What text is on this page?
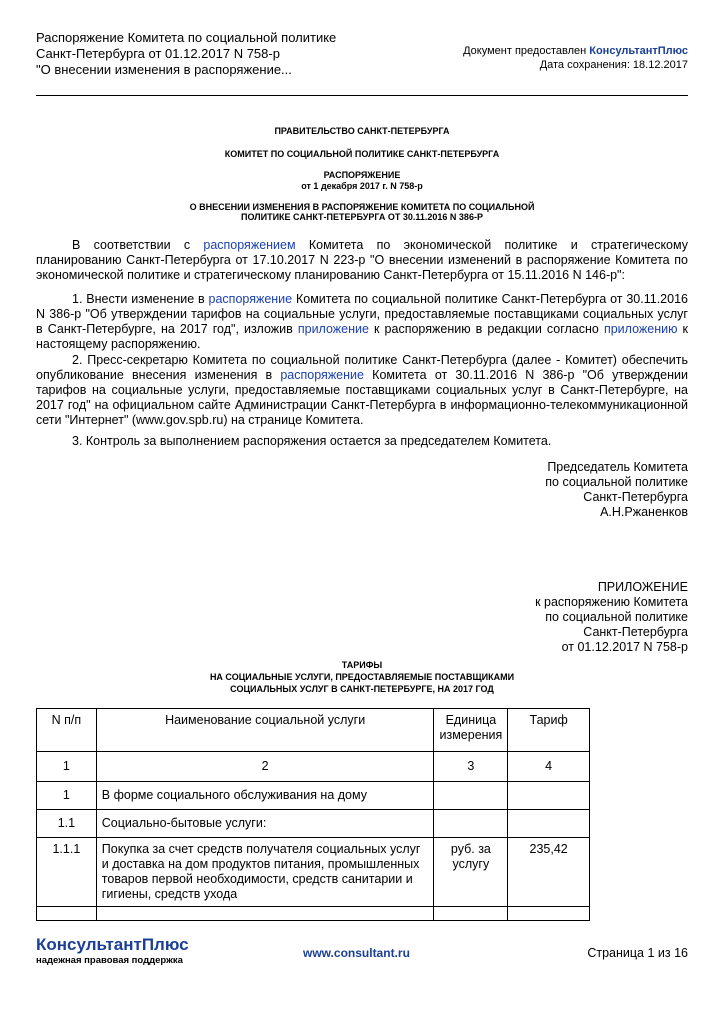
Распоряжение Комитета по социальной политике
Санкт-Петербурга от 01.12.2017 N 758-р
"О внесении изменения в распоряжение...
Документ предоставлен КонсультантПлюс
Дата сохранения: 18.12.2017
ПРАВИТЕЛЬСТВО САНКТ-ПЕТЕРБУРГА
КОМИТЕТ ПО СОЦИАЛЬНОЙ ПОЛИТИКЕ САНКТ-ПЕТЕРБУРГА
РАСПОРЯЖЕНИЕ
от 1 декабря 2017 г. N 758-р
О ВНЕСЕНИИ ИЗМЕНЕНИЯ В РАСПОРЯЖЕНИЕ КОМИТЕТА ПО СОЦИАЛЬНОЙ
ПОЛИТИКЕ САНКТ-ПЕТЕРБУРГА ОТ 30.11.2016 N 386-Р
В соответствии с распоряжением Комитета по экономической политике и стратегическому планированию Санкт-Петербурга от 17.10.2017 N 223-р "О внесении изменений в распоряжение Комитета по экономической политике и стратегическому планированию Санкт-Петербурга от 15.11.2016 N 146-р":
1. Внести изменение в распоряжение Комитета по социальной политике Санкт-Петербурга от 30.11.2016 N 386-р "Об утверждении тарифов на социальные услуги, предоставляемые поставщиками социальных услуг в Санкт-Петербурге, на 2017 год", изложив приложение к распоряжению в редакции согласно приложению к настоящему распоряжению.
2. Пресс-секретарю Комитета по социальной политике Санкт-Петербурга (далее - Комитет) обеспечить опубликование внесения изменения в распоряжение Комитета от 30.11.2016 N 386-р "Об утверждении тарифов на социальные услуги, предоставляемые поставщиками социальных услуг в Санкт-Петербурге, на 2017 год" на официальном сайте Администрации Санкт-Петербурга в информационно-телекоммуникационной сети "Интернет" (www.gov.spb.ru) на странице Комитета.
3. Контроль за выполнением распоряжения остается за председателем Комитета.
Председатель Комитета
по социальной политике
Санкт-Петербурга
А.Н.Ржаненков
ПРИЛОЖЕНИЕ
к распоряжению Комитета
по социальной политике
Санкт-Петербурга
от 01.12.2017 N 758-р
ТАРИФЫ
НА СОЦИАЛЬНЫЕ УСЛУГИ, ПРЕДОСТАВЛЯЕМЫЕ ПОСТАВЩИКАМИ
СОЦИАЛЬНЫХ УСЛУГ В САНКТ-ПЕТЕРБУРГЕ, НА 2017 ГОД
N п/п	Наименование социальной услуги	Единица измерения	Тариф
1	2	3	4
1	В форме социального обслуживания на дому		
1.1	Социально-бытовые услуги:		
1.1.1	Покупка за счет средств получателя социальных услуг и доставка на дом продуктов питания, промышленных товаров первой необходимости, средств санитарии и гигиены, средств ухода	руб. за услугу	235,42

КонсультантПлюс
надежная правовая поддержка
www.consultant.ru	Страница 1 из 16
